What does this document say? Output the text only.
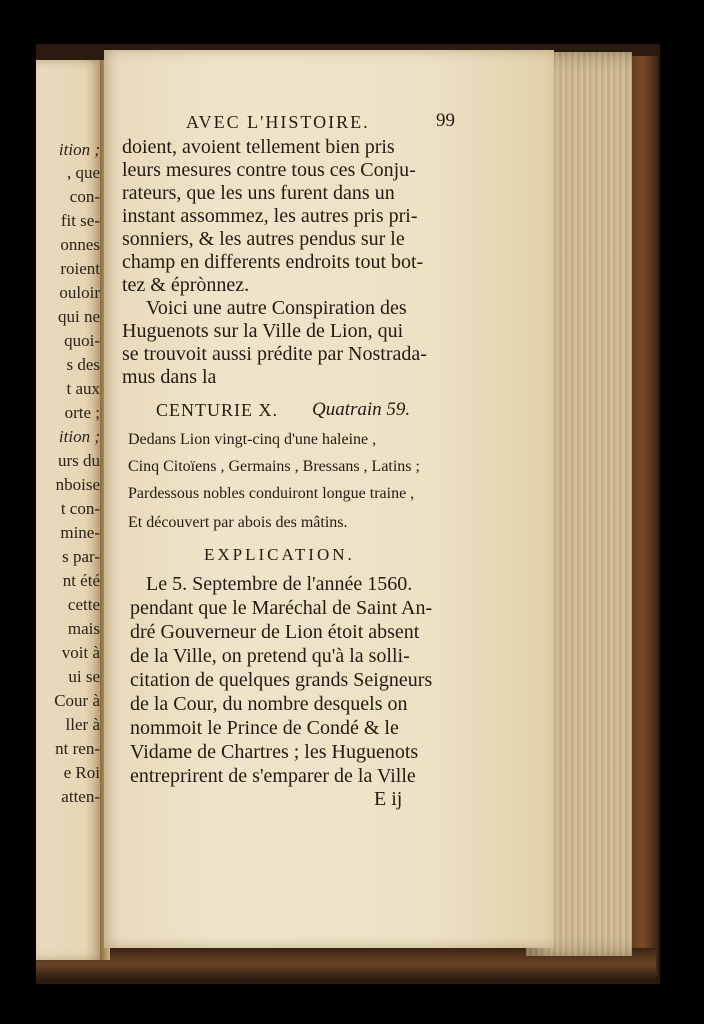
ition ;
, que
con-
fit se-
onnes
roient
ouloir
qui ne
quoi-
s des
t aux
orte ;
ition ;
urs du
nboise
t con-
mine-
s par-
nt été
cette
mais
voit à
ui se
Cour à
ller à
nt ren-
e Roi
atten-
AVEC L'HISTOIRE.	99
doient, avoient tellement bien pris
leurs mesures contre tous ces Conju-
rateurs, que les uns furent dans un
instant assommez, les autres pris pri-
sonniers, & les autres pendus sur le
champ en differents endroits tout bot-
tez & éprònnez.
Voici une autre Conspiration des
Huguenots sur la Ville de Lion, qui
se trouvoit aussi prédite par Nostrada-
mus dans la
CENTURIE X. Quatrain 59.
Dedans Lion vingt-cinq d'une haleine ,
Cinq Citoïens , Germains , Bressans , Latins ;
Pardessous nobles conduiront longue traine ,
Et découvert par abois des mâtins.
EXPLICATION.
Le 5. Septembre de l'année 1560.
pendant que le Maréchal de Saint An-
dré Gouverneur de Lion étoit absent
de la Ville, on pretend qu'à la solli-
citation de quelques grands Seigneurs
de la Cour, du nombre desquels on
nommoit le Prince de Condé & le
Vidame de Chartres ; les Huguenots
entreprirent de s'emparer de la Ville
E ij
